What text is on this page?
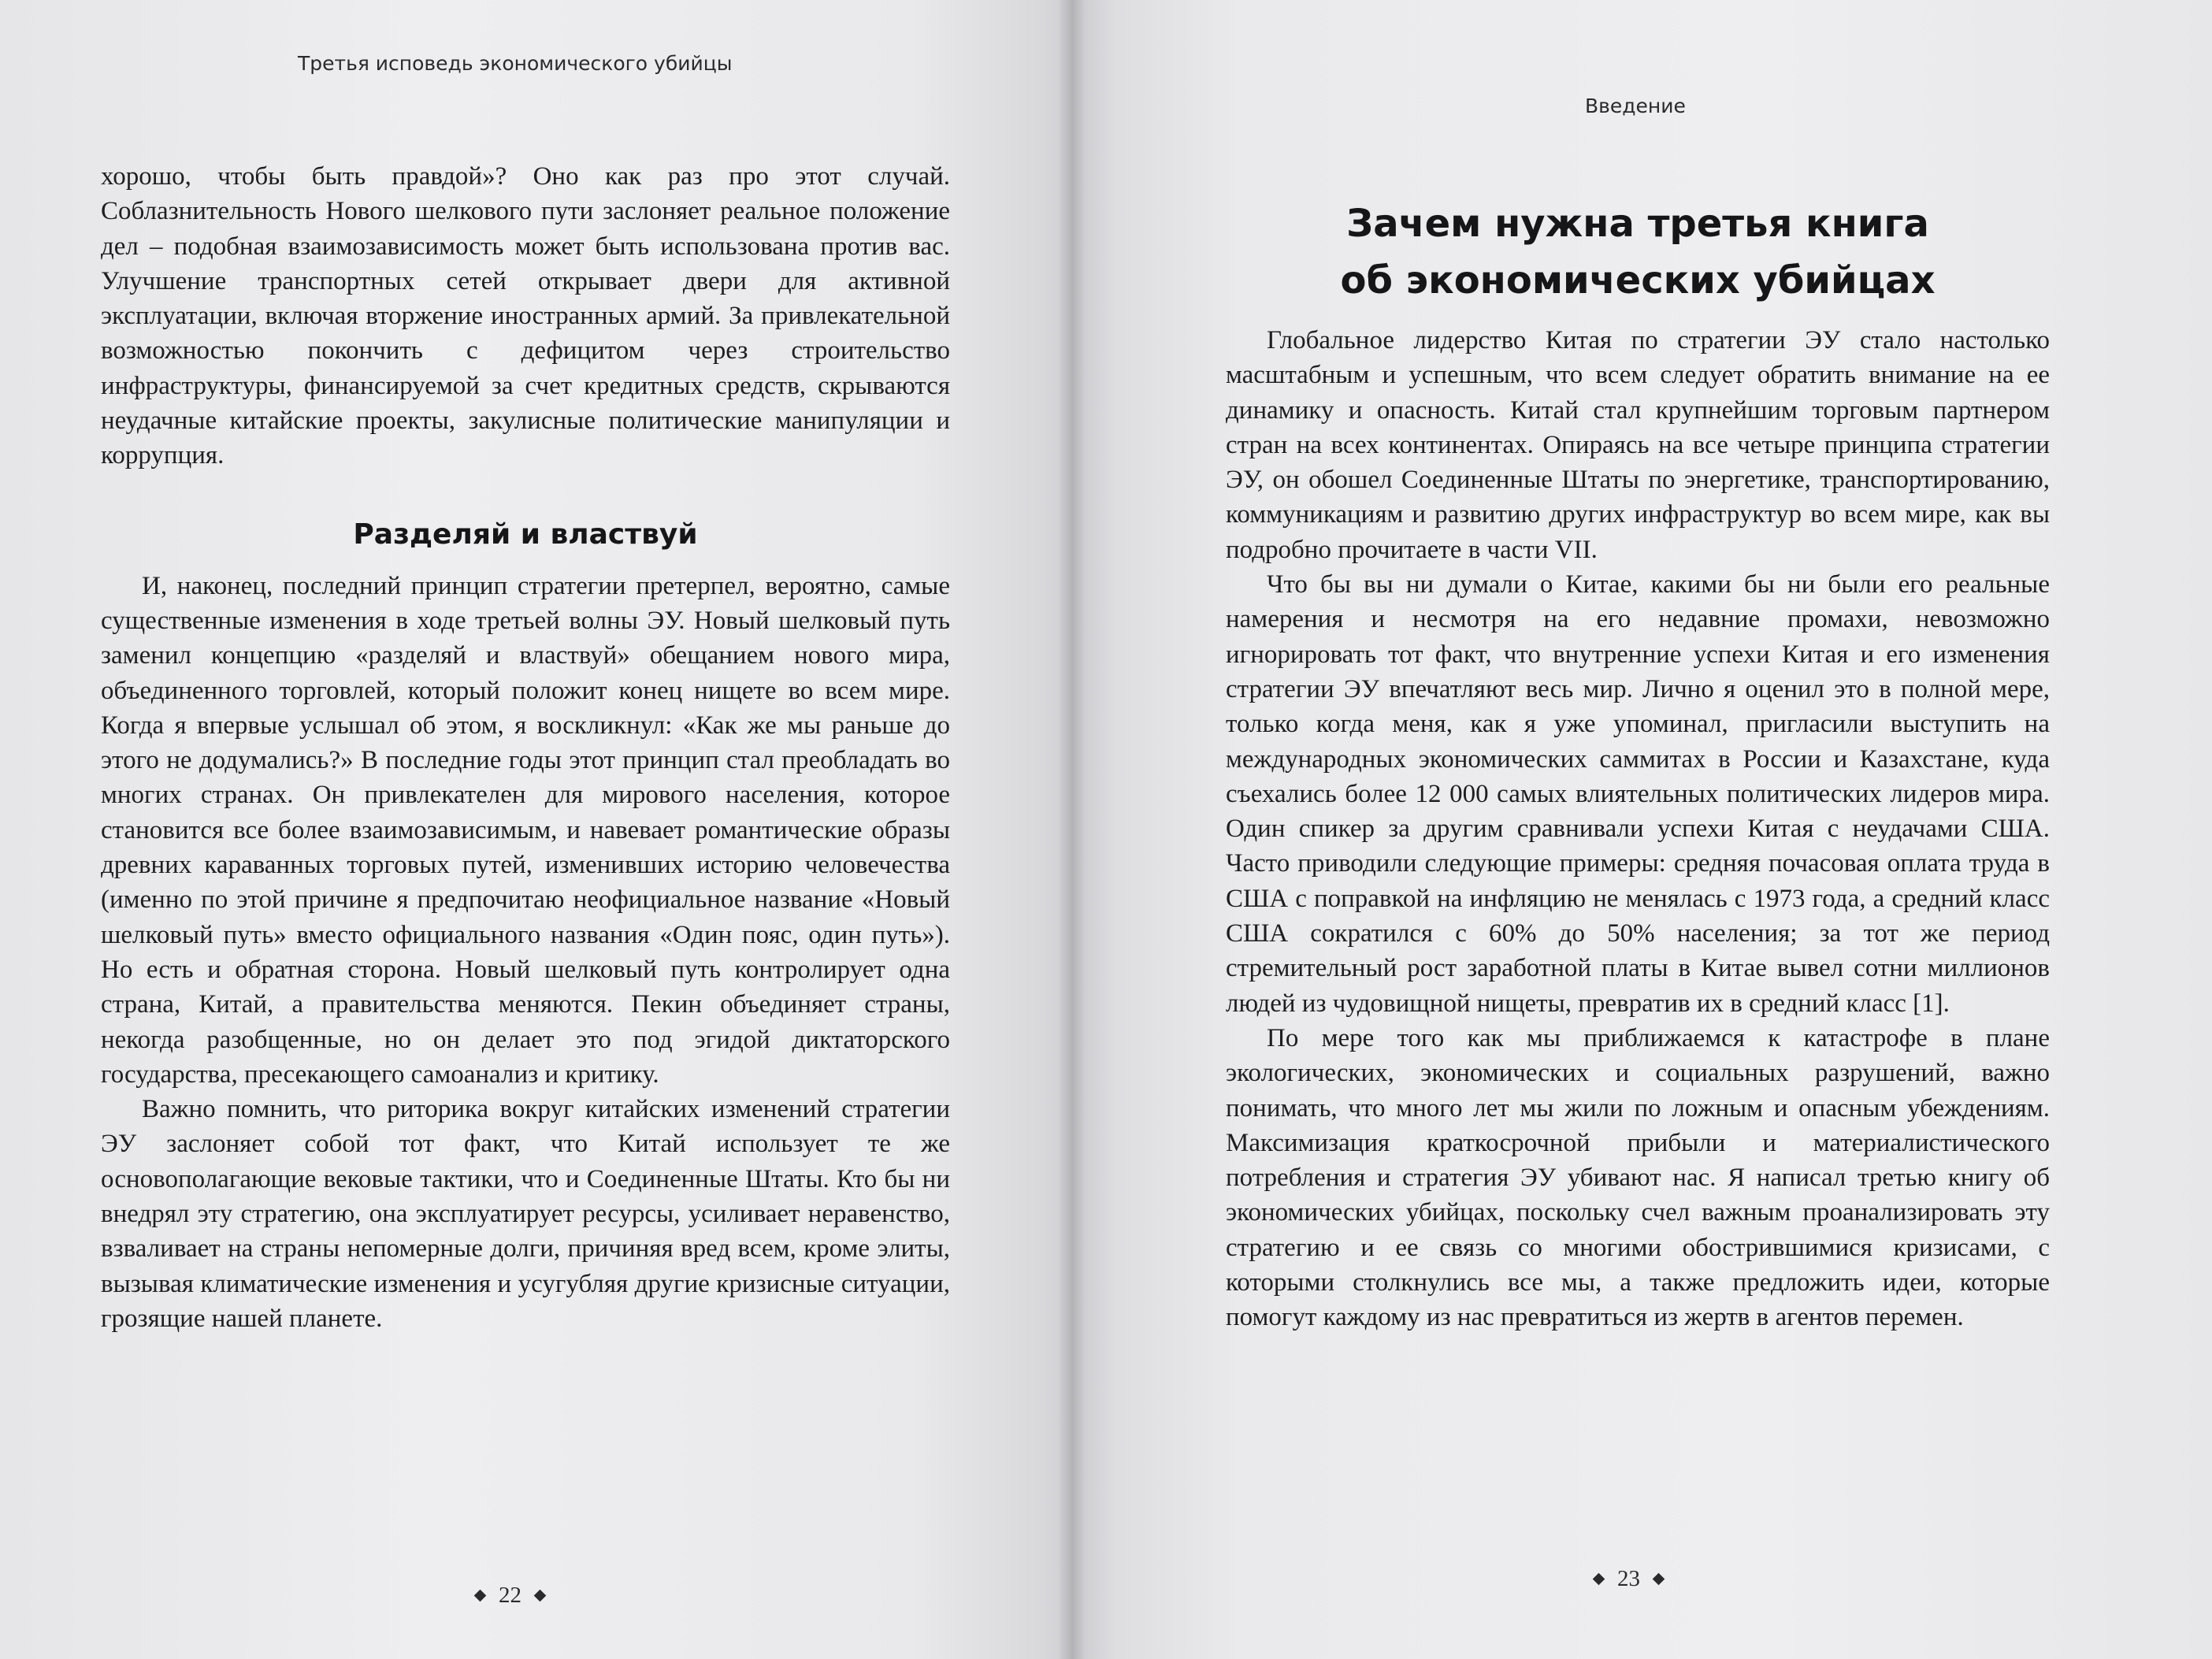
Третья исповедь экономического убийцы

хорошо, чтобы быть правдой»? Оно как раз про этот случай. Соблазнительность Нового шелкового пути заслоняет реальное положение дел – подобная взаимозависимость может быть использована против вас. Улучшение транспортных сетей открывает двери для активной эксплуатации, включая вторжение иностранных армий. За привлекательной возможностью покончить с дефицитом через строительство инфраструктуры, финансируемой за счет кредитных средств, скрываются неудачные китайские проекты, закулисные политические манипуляции и коррупция.

Разделяй и властвуй

И, наконец, последний принцип стратегии претерпел, вероятно, самые существенные изменения в ходе третьей волны ЭУ. Новый шелковый путь заменил концепцию «разделяй и властвуй» обещанием нового мира, объединенного торговлей, который положит конец нищете во всем мире. Когда я впервые услышал об этом, я воскликнул: «Как же мы раньше до этого не додумались?» В последние годы этот принцип стал преобладать во многих странах. Он привлекателен для мирового населения, которое становится все более взаимозависимым, и навевает романтические образы древних караванных торговых путей, изменивших историю человечества (именно по этой причине я предпочитаю неофициальное название «Новый шелковый путь» вместо официального названия «Один пояс, один путь»). Но есть и обратная сторона. Новый шелковый путь контролирует одна страна, Китай, а правительства меняются. Пекин объединяет страны, некогда разобщенные, но он делает это под эгидой диктаторского государства, пресекающего самоанализ и критику.

Важно помнить, что риторика вокруг китайских изменений стратегии ЭУ заслоняет собой тот факт, что Китай использует те же основополагающие вековые тактики, что и Соединенные Штаты. Кто бы ни внедрял эту стратегию, она эксплуатирует ресурсы, усиливает неравенство, взваливает на страны непомерные долги, причиняя вред всем, кроме элиты, вызывая климатические изменения и усугубляя другие кризисные ситуации, грозящие нашей планете.

22
Введение
Зачем нужна третья книга
об экономических убийцах

Глобальное лидерство Китая по стратегии ЭУ стало настолько масштабным и успешным, что всем следует обратить внимание на ее динамику и опасность. Китай стал крупнейшим торговым партнером стран на всех континентах. Опираясь на все четыре принципа стратегии ЭУ, он обошел Соединенные Штаты по энергетике, транспортированию, коммуникациям и развитию других инфраструктур во всем мире, как вы подробно прочитаете в части VII.

Что бы вы ни думали о Китае, какими бы ни были его реальные намерения и несмотря на его недавние промахи, невозможно игнорировать тот факт, что внутренние успехи Китая и его изменения стратегии ЭУ впечатляют весь мир. Лично я оценил это в полной мере, только когда меня, как я уже упоминал, пригласили выступить на международных экономических саммитах в России и Казахстане, куда съехались более 12 000 самых влиятельных политических лидеров мира. Один спикер за другим сравнивали успехи Китая с неудачами США. Часто приводили следующие примеры: средняя почасовая оплата труда в США с поправкой на инфляцию не менялась с 1973 года, а средний класс США сократился с 60% до 50% населения; за тот же период стремительный рост заработной платы в Китае вывел сотни миллионов людей из чудовищной нищеты, превратив их в средний класс [1].

По мере того как мы приближаемся к катастрофе в плане экологических, экономических и социальных разрушений, важно понимать, что много лет мы жили по ложным и опасным убеждениям. Максимизация краткосрочной прибыли и материалистического потребления и стратегия ЭУ убивают нас. Я написал третью книгу об экономических убийцах, поскольку счел важным проанализировать эту стратегию и ее связь со многими обострившимися кризисами, с которыми столкнулись все мы, а также предложить идеи, которые помогут каждому из нас превратиться из жертв в агентов перемен.

23
